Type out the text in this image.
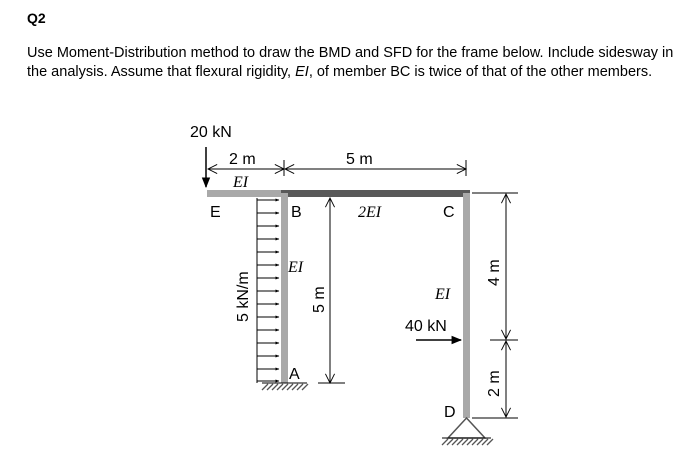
Q2
Use Moment-Distribution method to draw the BMD and SFD for the frame below. Include sidesway in the analysis. Assume that flexural rigidity, EI, of member BC is twice of that of the other members.
20 kN
2 m
EI
5 m
E	B	2EI	C
A
D
EI
EI
5 kN/m	5 m
40 kN
4 m
2 m
